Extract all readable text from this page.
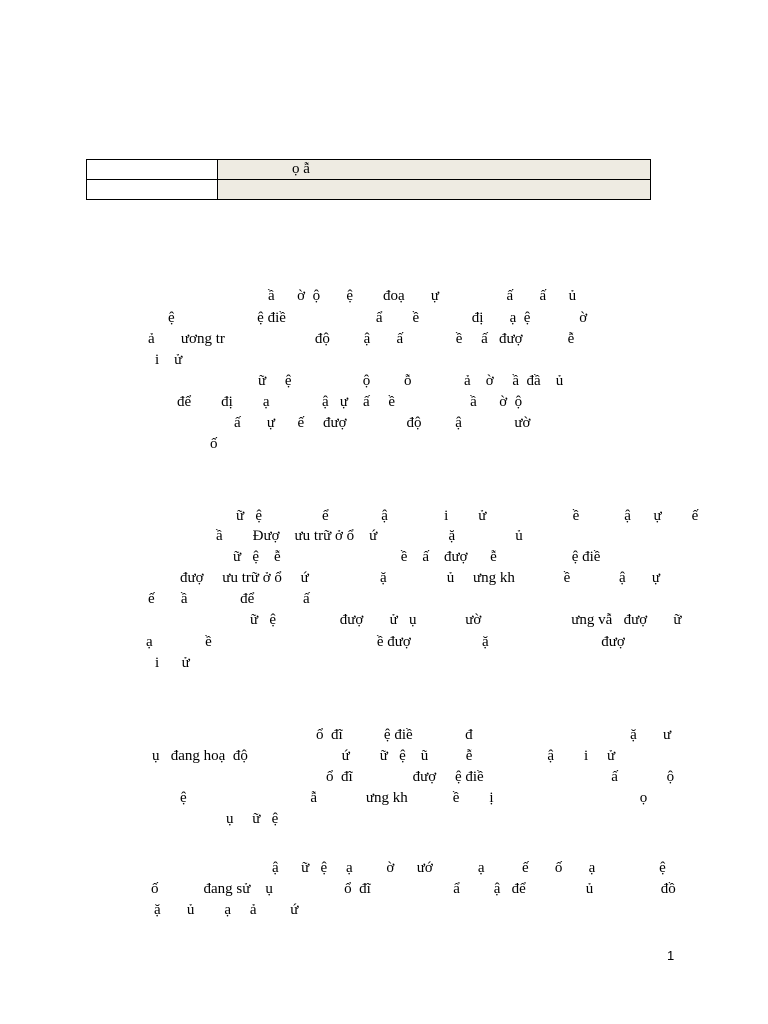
	ọ ẫ

ầ      ờ  ộ       ệ        đoạ       ự                  ấ       ấ      ủ
ệ                      ệ điề                        ẩ        ề              đị       ạ  ệ             ờ
ả       ương tr                        độ         ậ       ấ              ề     ấ   đượ            ễ
i    ử
ữ     ệ                   ộ         ỗ              ả    ờ     ầ  đầ    ủ
để        đị        ạ              ậ   ự    ấ     ề                    ầ      ờ  ộ
ấ       ự      ế     đượ                độ         ậ              ườ
ố
ữ   ệ                ể              ậ               i        ử                       ề            ậ      ự        ế
ầ        Đượ    ưu trữ ở ổ    ứ                   ặ                ủ
ữ   ệ    ễ                                ề    ấ    đượ      ễ                    ệ điề
đượ     ưu trữ ở ổ     ứ                   ặ                ủ     ưng kh             ề             ậ       ự
ế       ầ              để             ấ
ữ   ệ                 đượ       ử   ụ             ườ                        ưng vẫ   đượ       ữ
ạ              ề                                            ề đượ                   ặ                              đượ
i      ử
ổ  đĩ           ệ điề              đ                                          ặ       ư
ụ   đang hoạ  độ                         ứ        ữ   ệ    ũ          ễ                    ậ        i     ử
ổ  đĩ                đượ     ệ điề                                  ấ             ộ
ệ                                 ẫ             ưng kh            ề        ị                                       ọ
ụ     ữ   ệ
ậ      ữ   ệ     ạ         ờ      ướ            ạ          ế       ố       ạ                 ệ
ố            đang sử    ụ                   ổ  đĩ                      ẩ         ậ   để                ủ                  đồ
ặ       ủ        ạ     ả         ứ
1
